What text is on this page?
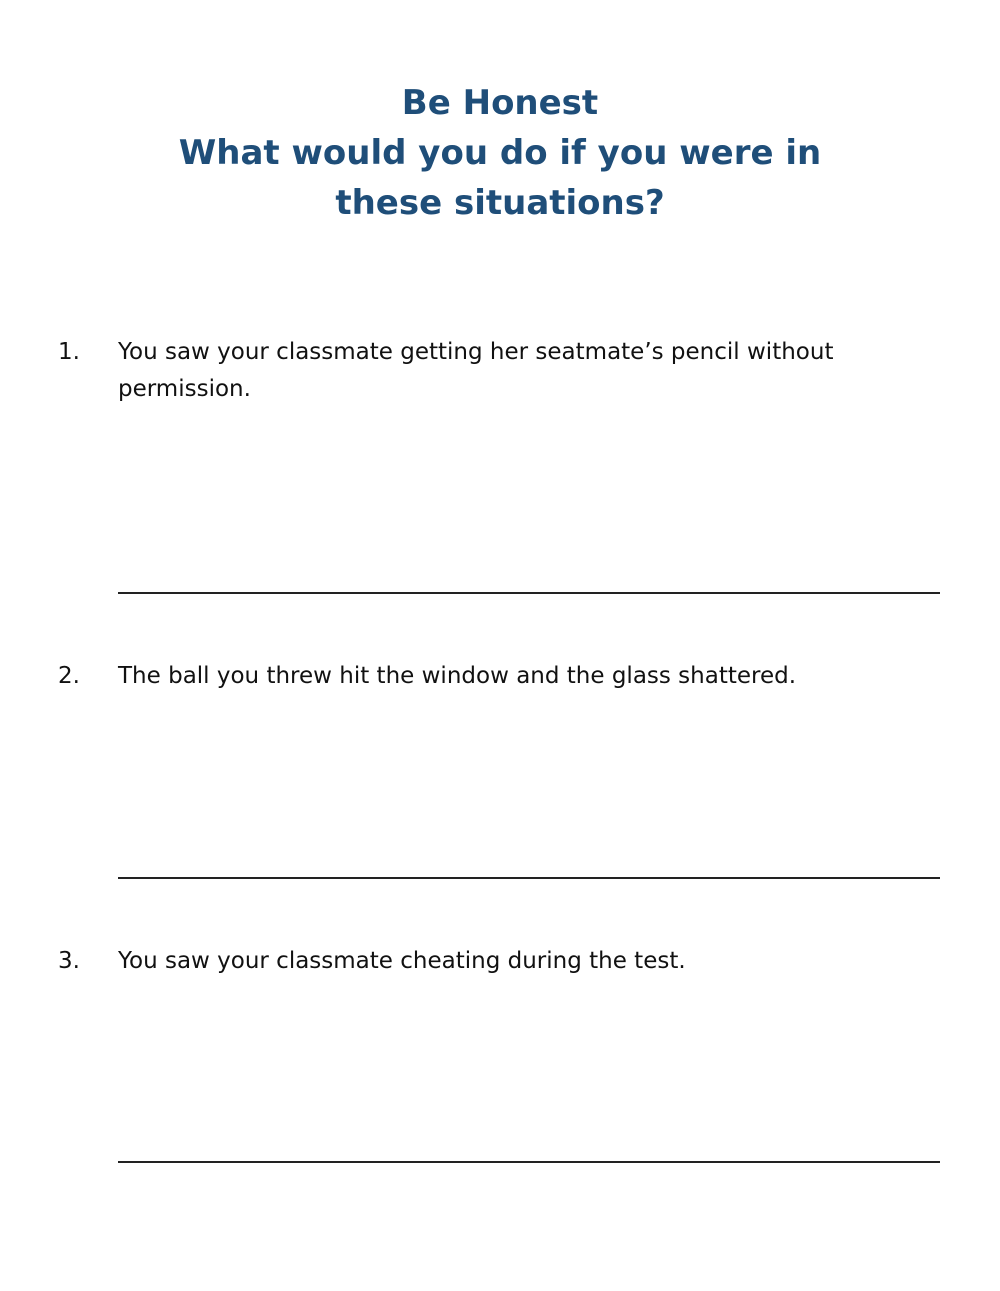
Be Honest
What would you do if you were in these situations?
1.	You saw your classmate getting her seatmate’s pencil without permission.
2.	The ball you threw hit the window and the glass shattered.
3.	You saw your classmate cheating during the test.
